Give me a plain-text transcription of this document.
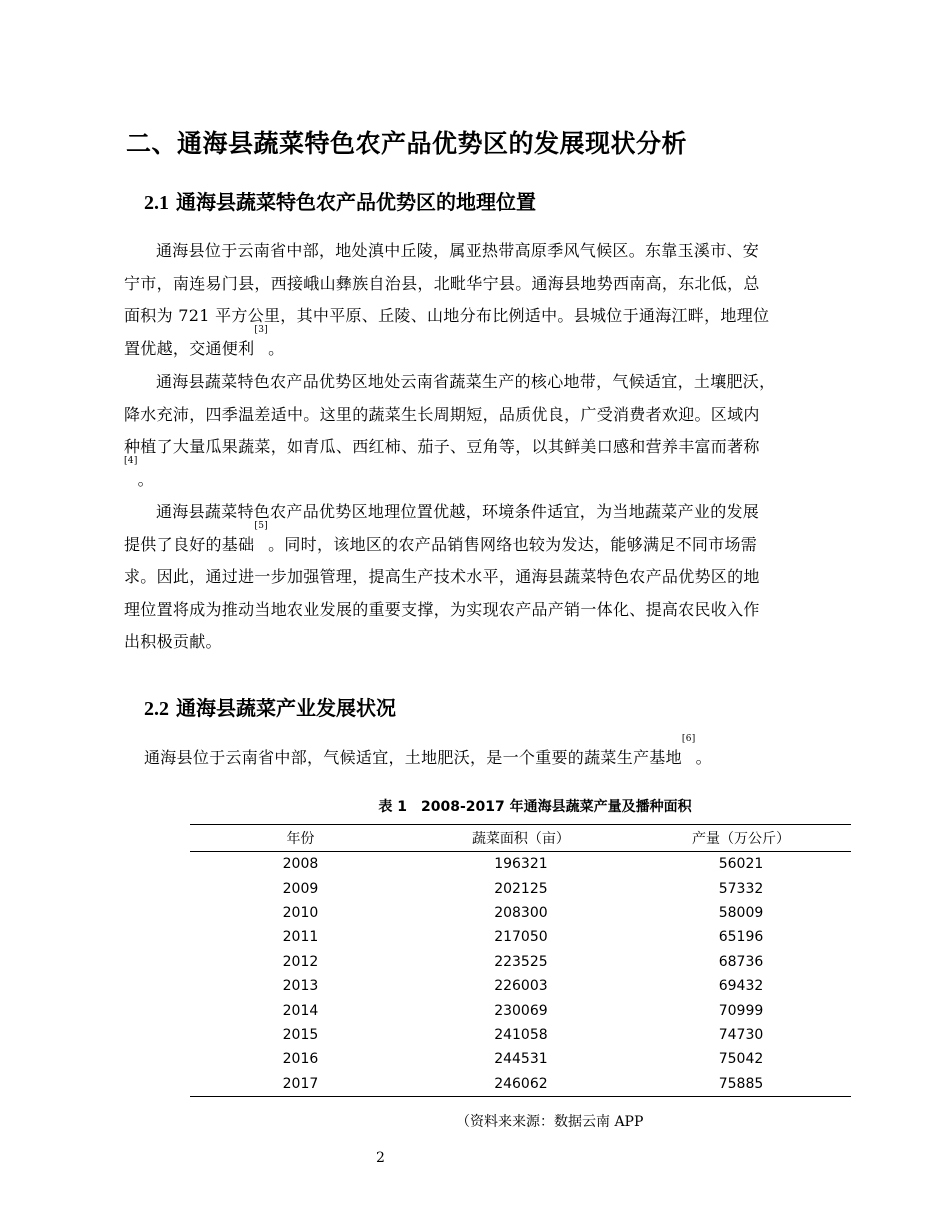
二、通海县蔬菜特色农产品优势区的发展现状分析
2.1 通海县蔬菜特色农产品优势区的地理位置
通海县位于云南省中部，地处滇中丘陵，属亚热带高原季风气候区。东靠玉溪市、安
宁市，南连易门县，西接峨山彝族自治县，北毗华宁县。通海县地势西南高，东北低，总
面积为 721 平方公里，其中平原、丘陵、山地分布比例适中。县城位于通海江畔，地理位
置优越，交通便利[3]。
通海县蔬菜特色农产品优势区地处云南省蔬菜生产的核心地带，气候适宜，土壤肥沃，
降水充沛，四季温差适中。这里的蔬菜生长周期短，品质优良，广受消费者欢迎。区域内
种植了大量瓜果蔬菜，如青瓜、西红柿、茄子、豆角等，以其鲜美口感和营养丰富而著称
[4]。
通海县蔬菜特色农产品优势区地理位置优越，环境条件适宜，为当地蔬菜产业的发展
提供了良好的基础[5]。同时，该地区的农产品销售网络也较为发达，能够满足不同市场需
求。因此，通过进一步加强管理，提高生产技术水平，通海县蔬菜特色农产品优势区的地
理位置将成为推动当地农业发展的重要支撑，为实现农产品产销一体化、提高农民收入作
出积极贡献。
2.2 通海县蔬菜产业发展状况
通海县位于云南省中部，气候适宜，土地肥沃，是一个重要的蔬菜生产基地[6]。
表 1　2008-2017 年通海县蔬菜产量及播种面积
年份	蔬菜面积（亩）	产量（万公斤）
2008	196321	56021
2009	202125	57332
2010	208300	58009
2011	217050	65196
2012	223525	68736
2013	226003	69432
2014	230069	70999
2015	241058	74730
2016	244531	75042
2017	246062	75885
（资料来来源：数据云南 APP
2
